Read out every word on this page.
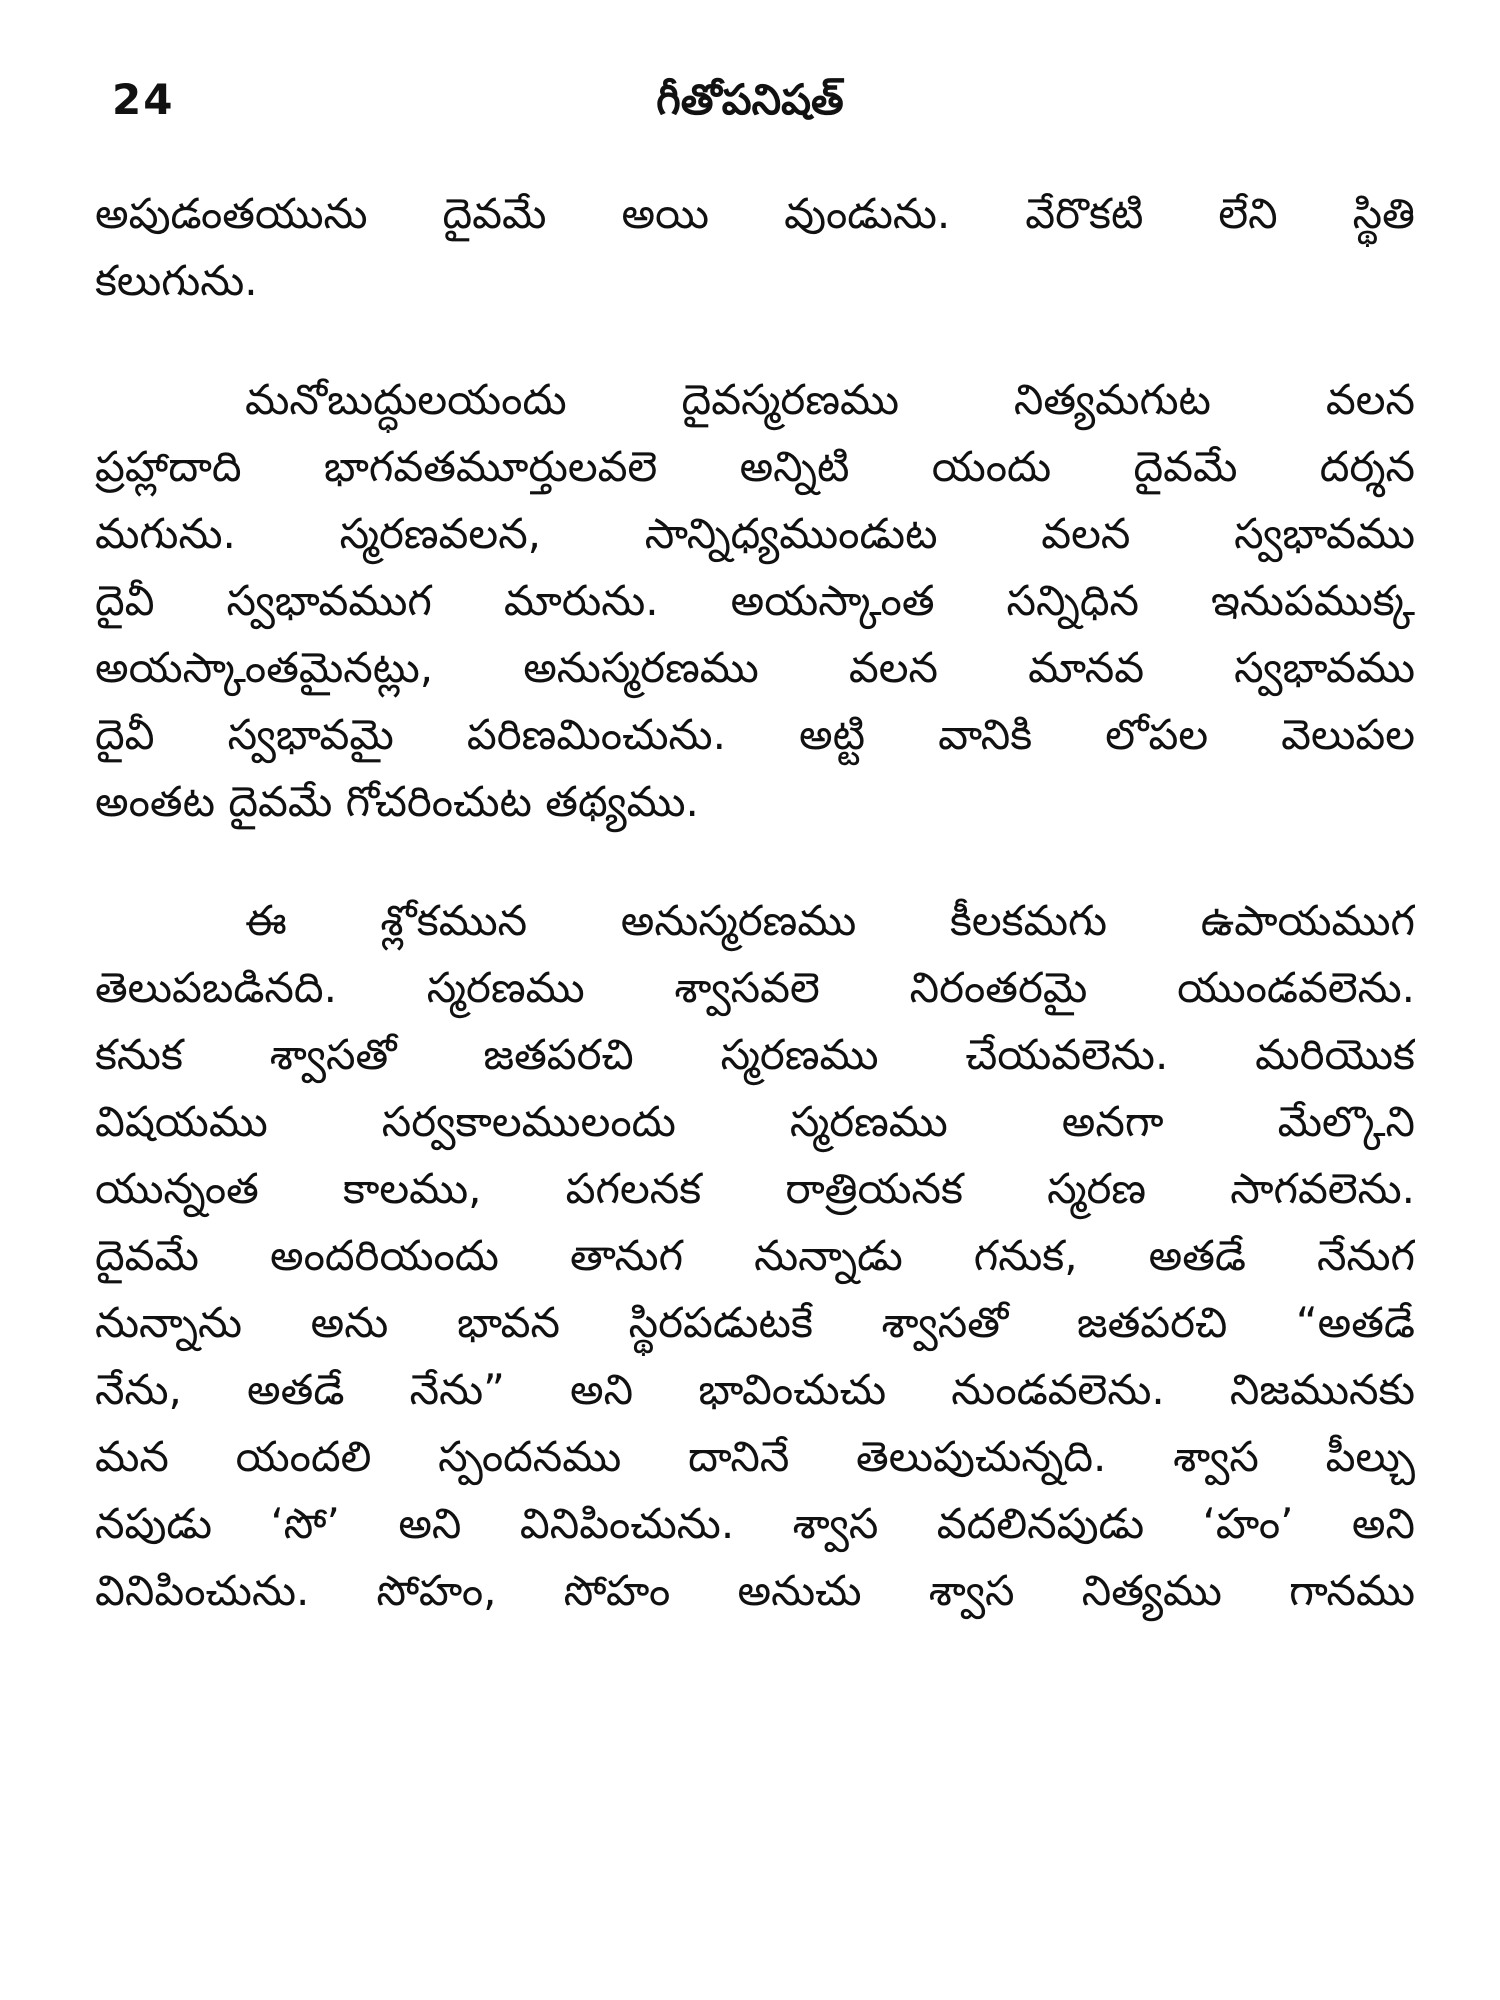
24	గీతోపనిషత్
అపుడంతయును దైవమే అయి వుండును. వేరొకటి లేని స్థితి
కలుగును.
మనోబుద్ధులయందు దైవస్మరణము నిత్యమగుట వలన
ప్రహ్లాదాది భాగవతమూర్తులవలె అన్నిటి యందు దైవమే దర్శన
మగును. స్మరణవలన, సాన్నిధ్యముండుట వలన స్వభావము
దైవీ స్వభావముగ మారును. అయస్కాంత సన్నిధిన ఇనుపముక్క
అయస్కాంతమైనట్లు, అనుస్మరణము వలన మానవ స్వభావము
దైవీ స్వభావమై పరిణమించును. అట్టి వానికి లోపల వెలుపల
అంతట దైవమే గోచరించుట తథ్యము.
ఈ శ్లోకమున అనుస్మరణము కీలకమగు ఉపాయముగ
తెలుపబడినది. స్మరణము శ్వాసవలె నిరంతరమై యుండవలెను.
కనుక శ్వాసతో జతపరచి స్మరణము చేయవలెను. మరియొక
విషయము సర్వకాలములందు స్మరణము అనగా మేల్కొని
యున్నంత కాలము, పగలనక రాత్రియనక స్మరణ సాగవలెను.
దైవమే అందరియందు తానుగ నున్నాడు గనుక, అతడే నేనుగ
నున్నాను అను భావన స్థిరపడుటకే శ్వాసతో జతపరచి “అతడే
నేను, అతడే నేను” అని భావించుచు నుండవలెను. నిజమునకు
మన యందలి స్పందనము దానినే తెలుపుచున్నది. శ్వాస పీల్చు
నపుడు ‘సో’ అని వినిపించును. శ్వాస వదలినపుడు ‘హం’ అని
వినిపించును. సోహం, సోహం అనుచు శ్వాస నిత్యము గానము
